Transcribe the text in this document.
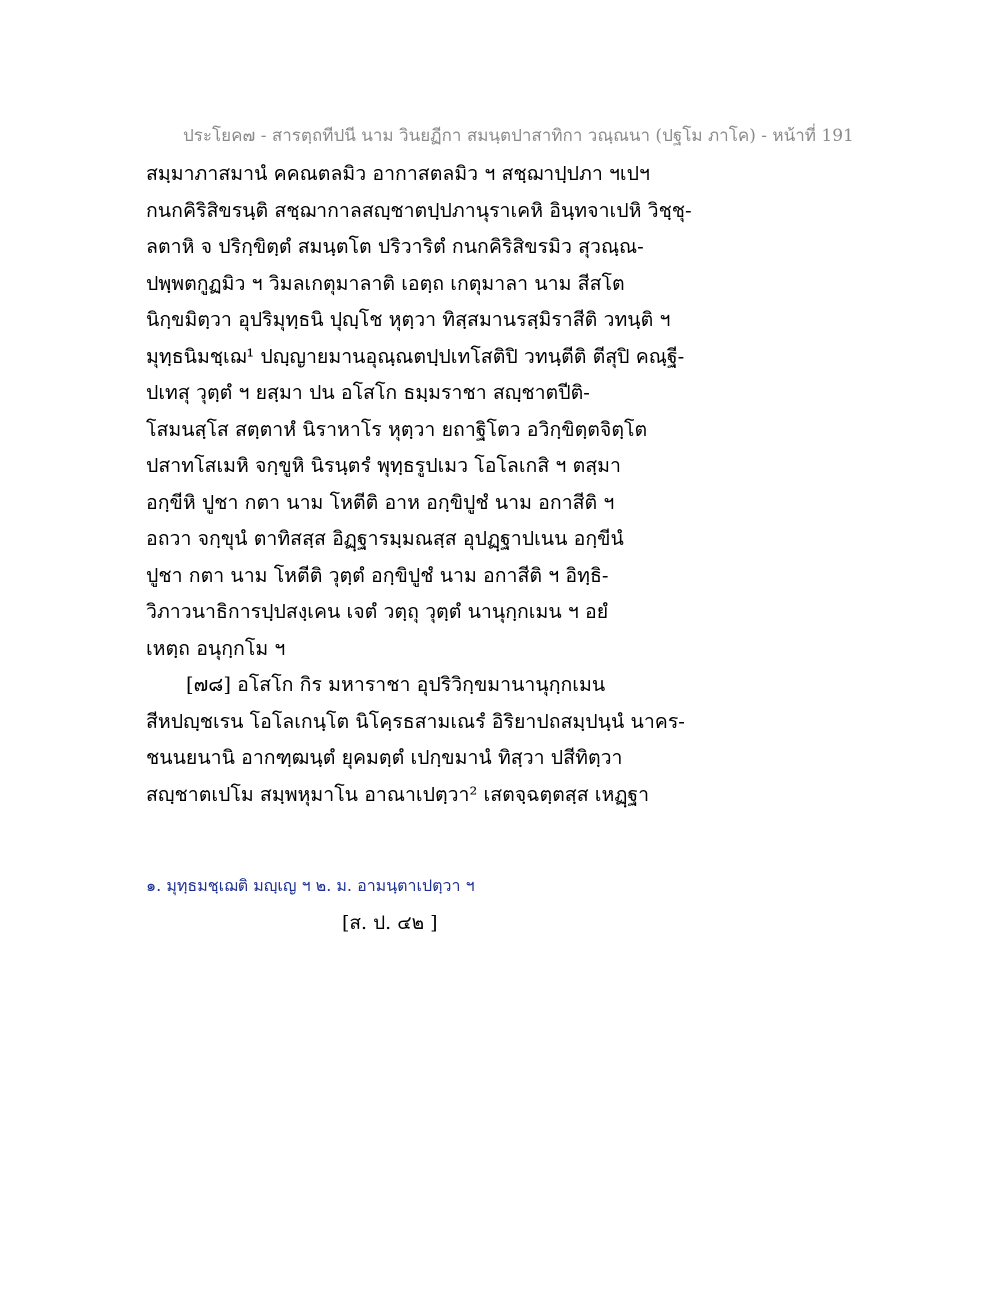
ประโยค๗ - สารตฺถทีปนี นาม วินยฏีกา สมนฺตปาสาทิกา วณฺณนา (ปฐโม ภาโค) - หน้าที่ 191
สมฺมาภาสมานํ คคณตลมิว อากาสตลมิว ฯ สชฺฌาปฺปภา ฯเปฯ
กนกคิริสิขรนฺติ สชฺฌากาลสญฺชาตปฺปภานุราเคหิ อินฺทจาเปหิ วิชฺชุ-
ลตาหิ จ ปริกฺขิตฺตํ สมนฺตโต ปริวาริตํ กนกคิริสิขรมิว สุวณฺณ-
ปพฺพตกูฏมิว ฯ วิมลเกตุมาลาติ เอตฺถ เกตุมาลา นาม สีสโต
นิกฺขมิตฺวา อุปริมุทฺธนิ ปุญฺโช หุตฺวา ทิสฺสมานรสฺมิราสีติ วทนฺติ ฯ
มุทฺธนิมชฺเฌ¹ ปญฺญายมานอุณฺณตปฺปเทโสติปิ วทนฺตีติ ตีสุปิ คณฺฐี-
ปเทสุ วุตฺตํ ฯ ยสฺมา ปน อโสโก ธมฺมราชา สญฺชาตปีติ-
โสมนสฺโส สตฺตาหํ นิราหาโร หุตฺวา ยถาฐิโตว อวิกฺขิตฺตจิตฺโต
ปสาทโสเมหิ จกฺขูหิ นิรนฺตรํ พุทฺธรูปเมว โอโลเกสิ ฯ ตสฺมา
อกฺขีหิ ปูชา กตา นาม โหตีติ อาห อกฺขิปูชํ นาม อกาสีติ ฯ
อถวา จกฺขุนํ ตาทิสสฺส อิฏฺฐารมฺมณสฺส อุปฏฺฐาปเนน อกฺขีนํ
ปูชา กตา นาม โหตีติ วุตฺตํ อกฺขิปูชํ นาม อกาสีติ ฯ อิทฺธิ-
วิภาวนาธิการปฺปสงฺเคน เจตํ วตฺถุ วุตฺตํ นานุกฺกเมน ฯ อยํ
เหตฺถ อนุกฺกโม ฯ
[๗๘] อโสโก กิร มหาราชา อุปริวิกฺขมานานุกฺกเมน
สีหปญฺชเรน โอโลเกนฺโต นิโคฺรธสามเณรํ อิริยาปถสมฺปนฺนํ นาคร-
ชนนยนานิ อากฑฺฒนฺตํ ยุคมตฺตํ เปกฺขมานํ ทิสฺวา ปสีทิตฺวา
สญฺชาตเปโม สมฺพหุมาโน อาณาเปตฺวา² เสตจฺฉตฺตสฺส เหฏฺฐา
๑. มุทฺธมชฺเฌติ มญฺเญ ฯ ๒. ม. อามนฺตาเปตฺวา ฯ
[ส. ป. ๔๒ ]
